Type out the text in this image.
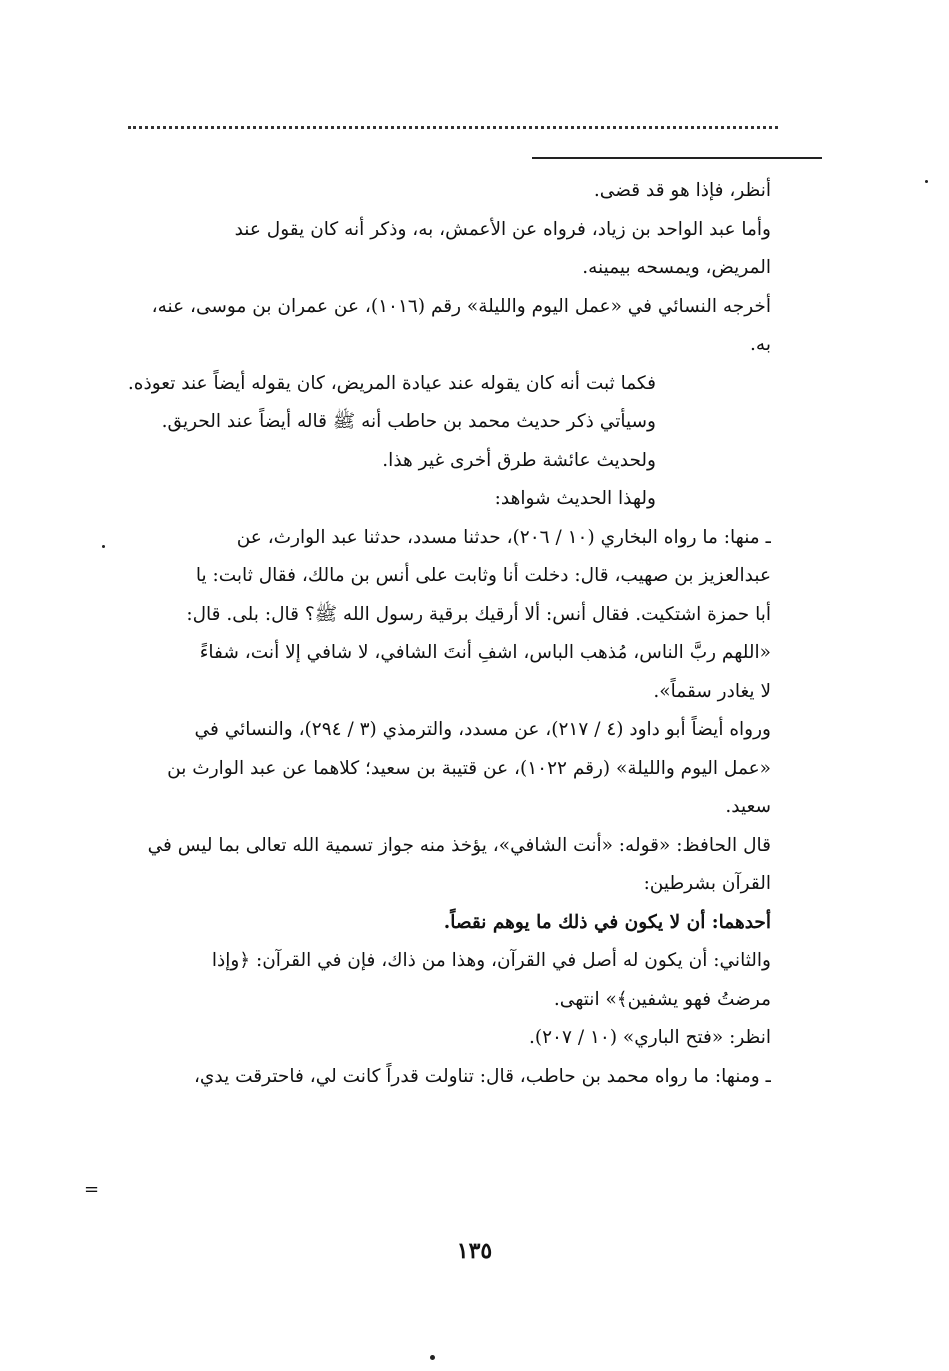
أنظر، فإذا هو قد قضى.
وأما عبد الواحد بن زياد، فرواه عن الأعمش، به، وذكر أنه كان يقول عند
المريض، ويمسحه بيمينه.
أخرجه النسائي في «عمل اليوم والليلة» رقم (١٠١٦)، عن عمران بن موسى، عنه،
به.
فكما ثبت أنه كان يقوله عند عيادة المريض، كان يقوله أيضاً عند تعوذه.
وسيأتي ذكر حديث محمد بن حاطب أنه ﷺ قاله أيضاً عند الحريق.
ولحديث عائشة طرق أخرى غير هذا.
ولهذا الحديث شواهد:
ـ منها: ما رواه البخاري (١٠ / ٢٠٦)، حدثنا مسدد، حدثنا عبد الوارث، عن
عبدالعزيز بن صهيب، قال: دخلت أنا وثابت على أنس بن مالك، فقال ثابت: يا
أبا حمزة اشتكيت. فقال أنس: ألا أرقيك برقية رسول الله ﷺ؟ قال: بلى. قال:
«اللهم ربَّ الناس، مُذهب الباس، اشفِ أنتَ الشافي، لا شافي إلا أنت، شفاءً
لا يغادر سقماً».
ورواه أيضاً أبو داود (٤ / ٢١٧)، عن مسدد، والترمذي (٣ / ٢٩٤)، والنسائي في
«عمل اليوم والليلة» (رقم ١٠٢٢)، عن قتيبة بن سعيد؛ كلاهما عن عبد الوارث بن
سعيد.
قال الحافظ: «قوله: «أنت الشافي»، يؤخذ منه جواز تسمية الله تعالى بما ليس في
القرآن بشرطين:
أحدهما: أن لا يكون في ذلك ما يوهم نقصاً.
والثاني: أن يكون له أصل في القرآن، وهذا من ذاك، فإن في القرآن: ﴿وإذا
مرضتُ فهو يشفين﴾» انتهى.
انظر: «فتح الباري» (١٠ / ٢٠٧).
ـ ومنها: ما رواه محمد بن حاطب، قال: تناولت قدراً كانت لي، فاحترقت يدي،
=
١٣٥
